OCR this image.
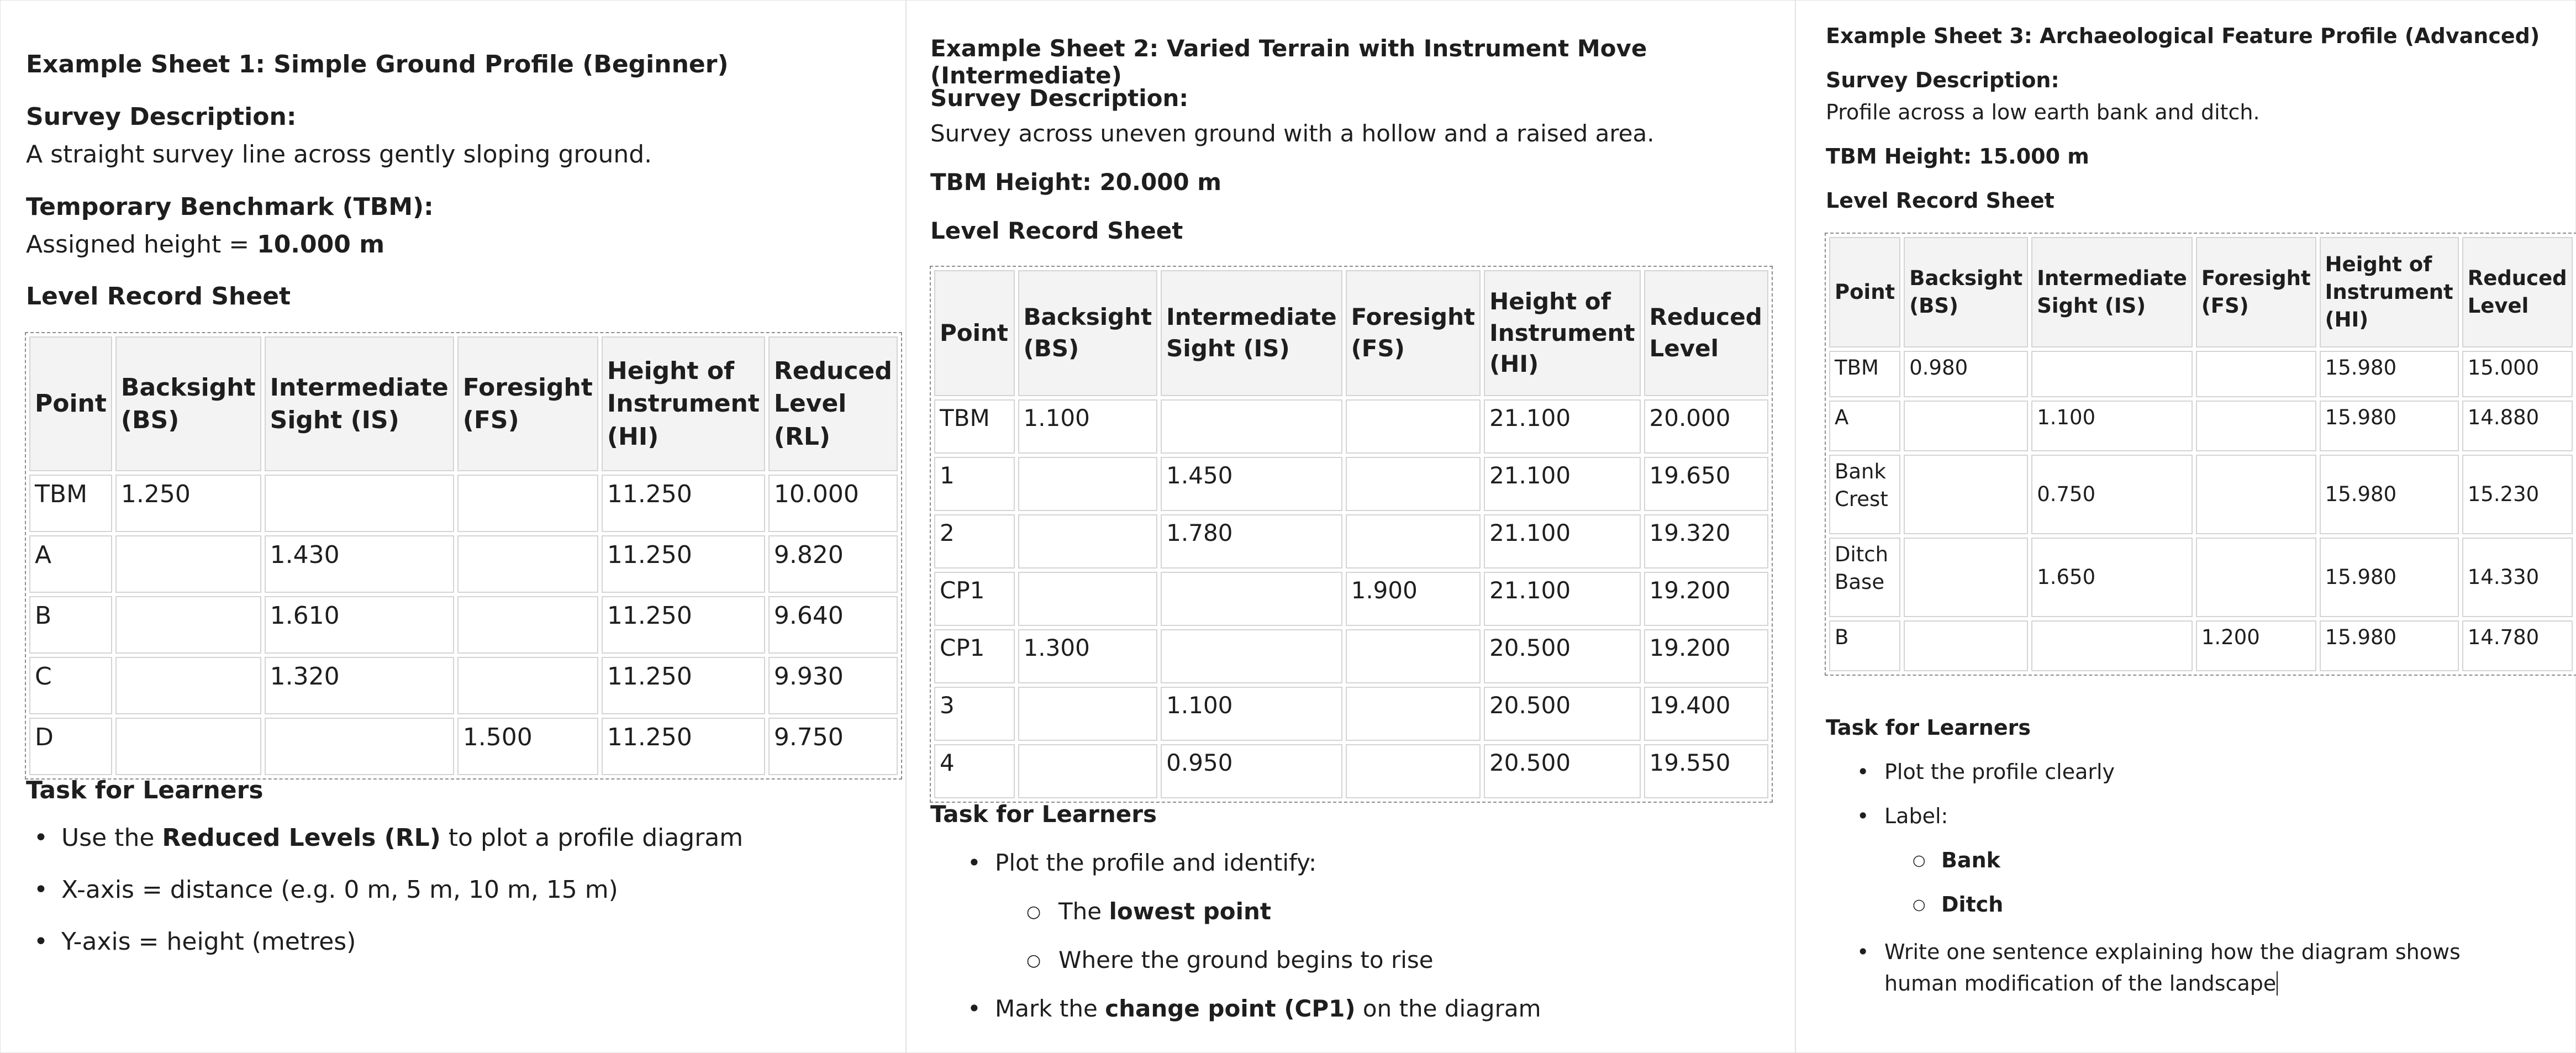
Example Sheet 1: Simple Ground Profile (Beginner)
Survey Description:
A straight survey line across gently sloping ground.
Temporary Benchmark (TBM):
Assigned height = 10.000 m
Level Record Sheet
Point	Backsight (BS)	Intermediate Sight (IS)	Foresight (FS)	Height of Instrument (HI)	Reduced Level (RL)
TBM	1.250			11.250	10.000
A		1.430		11.250	9.820
B		1.610		11.250	9.640
C		1.320		11.250	9.930
D			1.500	11.250	9.750
Task for Learners
• Use the Reduced Levels (RL) to plot a profile diagram
• X-axis = distance (e.g. 0 m, 5 m, 10 m, 15 m)
• Y-axis = height (metres)
Example Sheet 2: Varied Terrain with Instrument Move (Intermediate)
Survey Description:
Survey across uneven ground with a hollow and a raised area.
TBM Height: 20.000 m
Level Record Sheet
Point	Backsight (BS)	Intermediate Sight (IS)	Foresight (FS)	Height of Instrument (HI)	Reduced Level
TBM	1.100			21.100	20.000
1		1.450		21.100	19.650
2		1.780		21.100	19.320
CP1			1.900	21.100	19.200
CP1	1.300			20.500	19.200
3		1.100		20.500	19.400
4		0.950		20.500	19.550
Task for Learners
• Plot the profile and identify:
○ The lowest point
○ Where the ground begins to rise
• Mark the change point (CP1) on the diagram
Example Sheet 3: Archaeological Feature Profile (Advanced)
Survey Description:
Profile across a low earth bank and ditch.
TBM Height: 15.000 m
Level Record Sheet
Point	Backsight (BS)	Intermediate Sight (IS)	Foresight (FS)	Height of Instrument (HI)	Reduced Level
TBM	0.980			15.980	15.000
A		1.100		15.980	14.880
Bank Crest		0.750		15.980	15.230
Ditch Base		1.650		15.980	14.330
B			1.200	15.980	14.780
Task for Learners
• Plot the profile clearly
• Label:
○ Bank
○ Ditch
• Write one sentence explaining how the diagram shows human modification of the landscape
